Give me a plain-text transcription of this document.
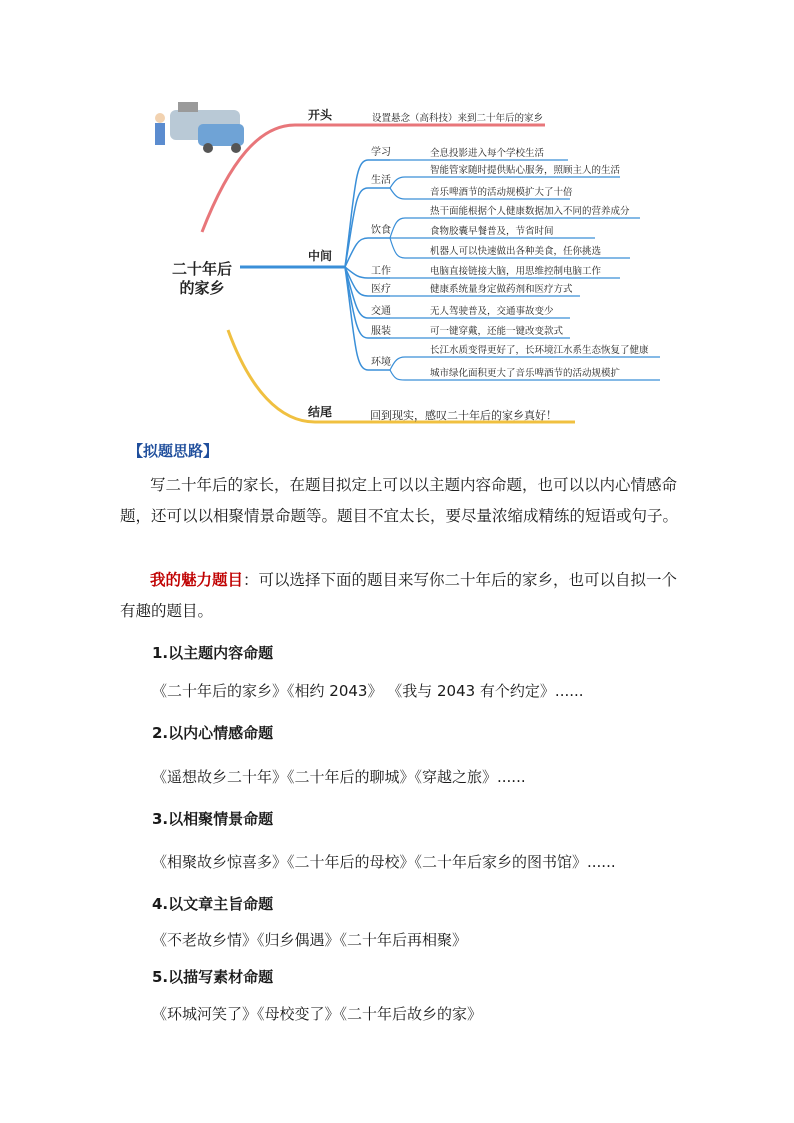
二十年后
的家乡
开头	设置悬念（高科技）来到二十年后的家乡
中间
结尾	回到现实，感叹二十年后的家乡真好！
学习
生活
饮食
工作
医疗
交通
服装
环境
全息投影进入每个学校生活
智能管家随时提供贴心服务，照顾主人的生活
音乐啤酒节的活动规模扩大了十倍
热干面能根据个人健康数据加入不同的营养成分
食物胶囊早餐普及，节省时间
机器人可以快速做出各种美食，任你挑选
电脑直接链接大脑，用思维控制电脑工作
健康系统量身定做药剂和医疗方式
无人驾驶普及，交通事故变少
可一键穿戴，还能一键改变款式
长江水质变得更好了，长环境江水系生态恢复了健康
城市绿化面积更大了音乐啤酒节的活动规模扩
【拟题思路】
写二十年后的家长，在题目拟定上可以以主题内容命题，也可以以内心情感命题，还可以以相聚情景命题等。题目不宜太长，要尽量浓缩成精练的短语或句子。
我的魅力题目：可以选择下面的题目来写你二十年后的家乡，也可以自拟一个有趣的题目。
1.以主题内容命题
《二十年后的家乡》《相约 2043》 《我与 2043 有个约定》......
2.以内心情感命题
《遥想故乡二十年》《二十年后的聊城》《穿越之旅》......
3.以相聚情景命题
《相聚故乡惊喜多》《二十年后的母校》《二十年后家乡的图书馆》......
4.以文章主旨命题
《不老故乡情》《归乡偶遇》《二十年后再相聚》
5.以描写素材命题
《环城河笑了》《母校变了》《二十年后故乡的家》
